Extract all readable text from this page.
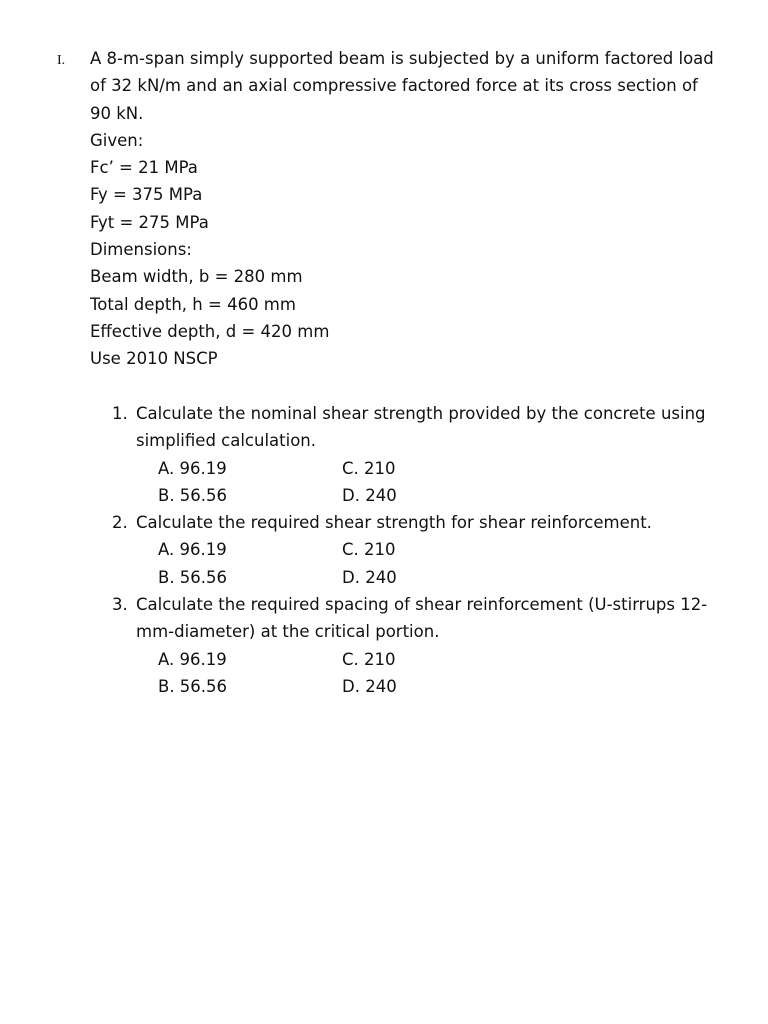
I. A 8-m-span simply supported beam is subjected by a uniform factored load
of 32 kN/m and an axial compressive factored force at its cross section of
90 kN.
Given:
Fc’ = 21 MPa
Fy = 375 MPa
Fyt = 275 MPa
Dimensions:
Beam width, b = 280 mm
Total depth, h = 460 mm
Effective depth, d = 420 mm
Use 2010 NSCP
1. Calculate the nominal shear strength provided by the concrete using
simplified calculation.
A. 96.19	C. 210
B. 56.56	D. 240
2. Calculate the required shear strength for shear reinforcement.
A. 96.19	C. 210
B. 56.56	D. 240
3. Calculate the required spacing of shear reinforcement (U-stirrups 12-
mm-diameter) at the critical portion.
A. 96.19	C. 210
B. 56.56	D. 240
